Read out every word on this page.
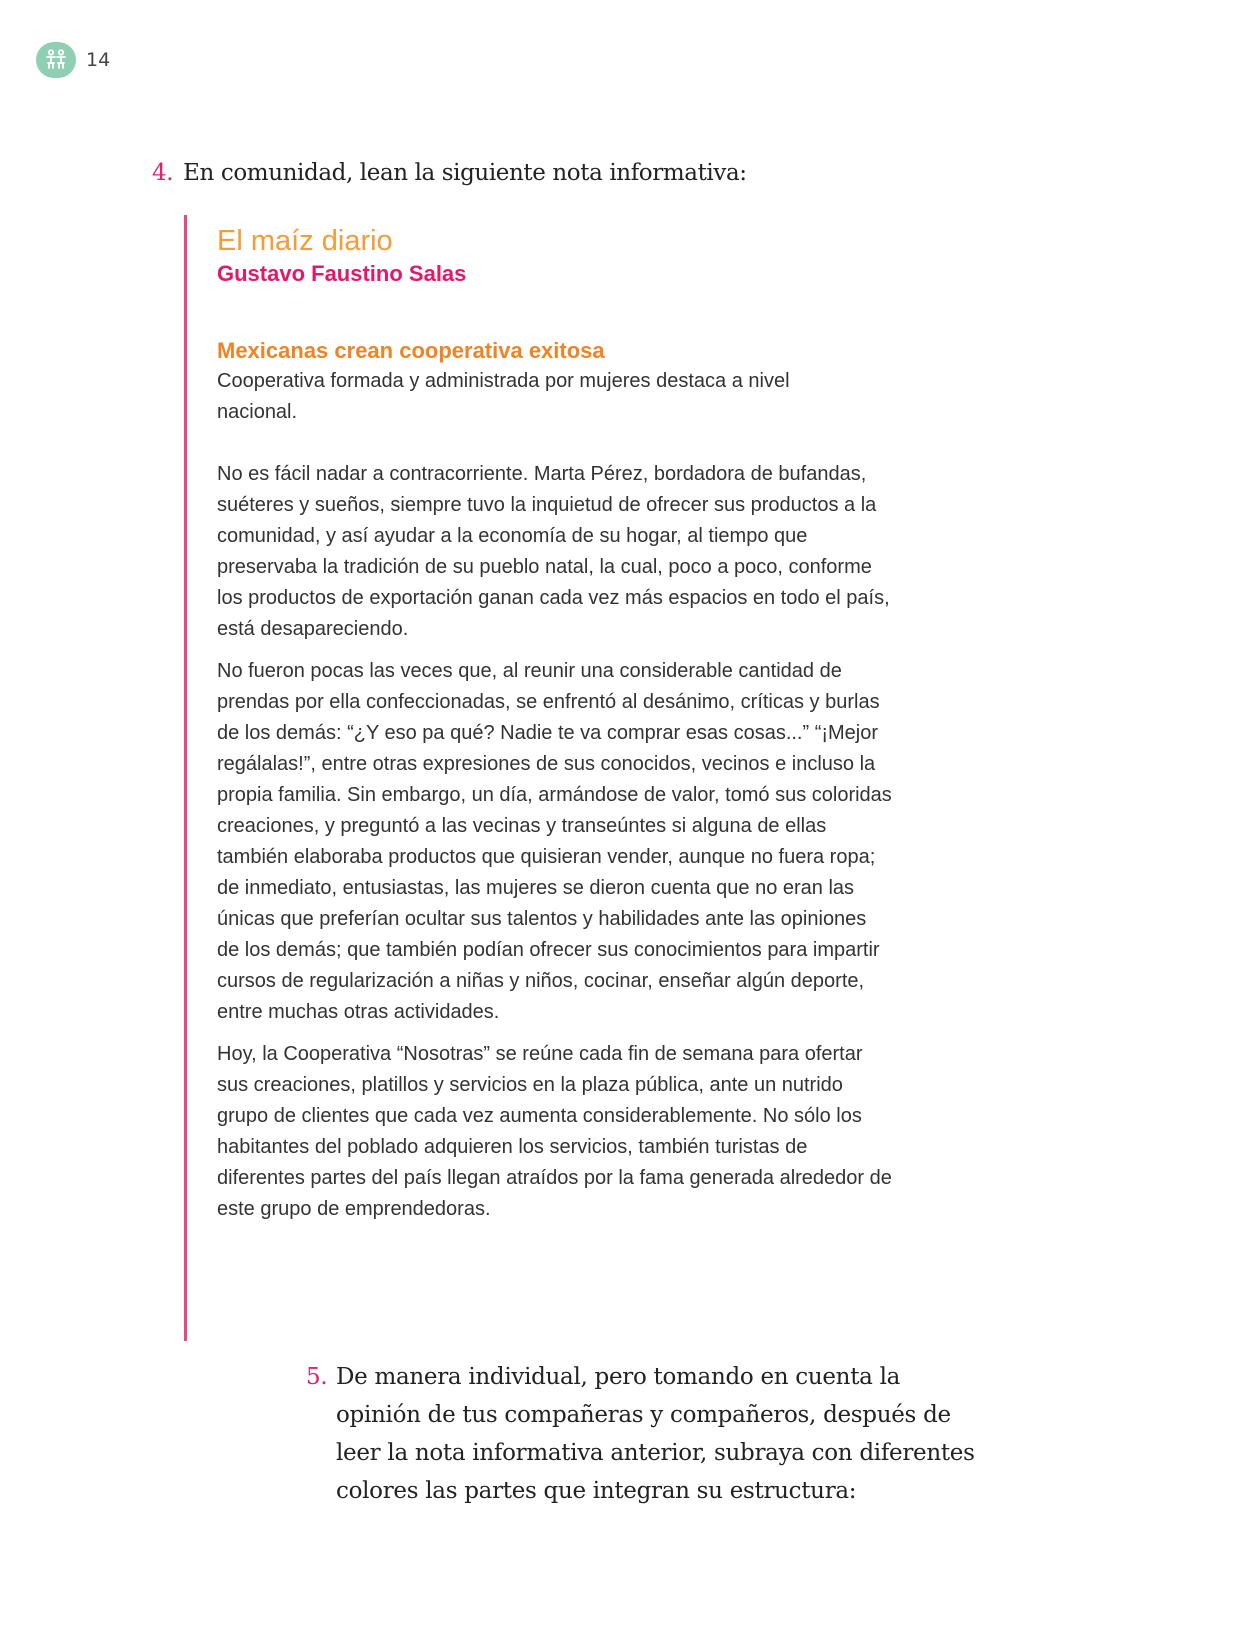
14
4. En comunidad, lean la siguiente nota informativa:
El maíz diario
Gustavo Faustino Salas
Mexicanas crean cooperativa exitosa
Cooperativa formada y administrada por mujeres destaca a nivel nacional.

No es fácil nadar a contracorriente. Marta Pérez, bordadora de bufandas, suéteres y sueños, siempre tuvo la inquietud de ofrecer sus productos a la comunidad, y así ayudar a la economía de su hogar, al tiempo que preservaba la tradición de su pueblo natal, la cual, poco a poco, conforme los productos de exportación ganan cada vez más espacios en todo el país, está desapareciendo.

No fueron pocas las veces que, al reunir una considerable cantidad de prendas por ella confeccionadas, se enfrentó al desánimo, críticas y burlas de los demás: “¿Y eso pa qué? Nadie te va comprar esas cosas...” “¡Mejor regálalas!”, entre otras expresiones de sus conocidos, vecinos e incluso la propia familia. Sin embargo, un día, armándose de valor, tomó sus coloridas creaciones, y preguntó a las vecinas y transeúntes si alguna de ellas también elaboraba productos que quisieran vender, aunque no fuera ropa; de inmediato, entusiastas, las mujeres se dieron cuenta que no eran las únicas que preferían ocultar sus talentos y habilidades ante las opiniones de los demás; que también podían ofrecer sus conocimientos para impartir cursos de regularización a niñas y niños, cocinar, enseñar algún deporte, entre muchas otras actividades.

Hoy, la Cooperativa “Nosotras” se reúne cada fin de semana para ofertar sus creaciones, platillos y servicios en la plaza pública, ante un nutrido grupo de clientes que cada vez aumenta considerablemente. No sólo los habitantes del poblado adquieren los servicios, también turistas de diferentes partes del país llegan atraídos por la fama generada alrededor de este grupo de emprendedoras.

5. De manera individual, pero tomando en cuenta la opinión de tus compañeras y compañeros, después de leer la nota informativa anterior, subraya con diferentes colores las partes que integran su estructura:
